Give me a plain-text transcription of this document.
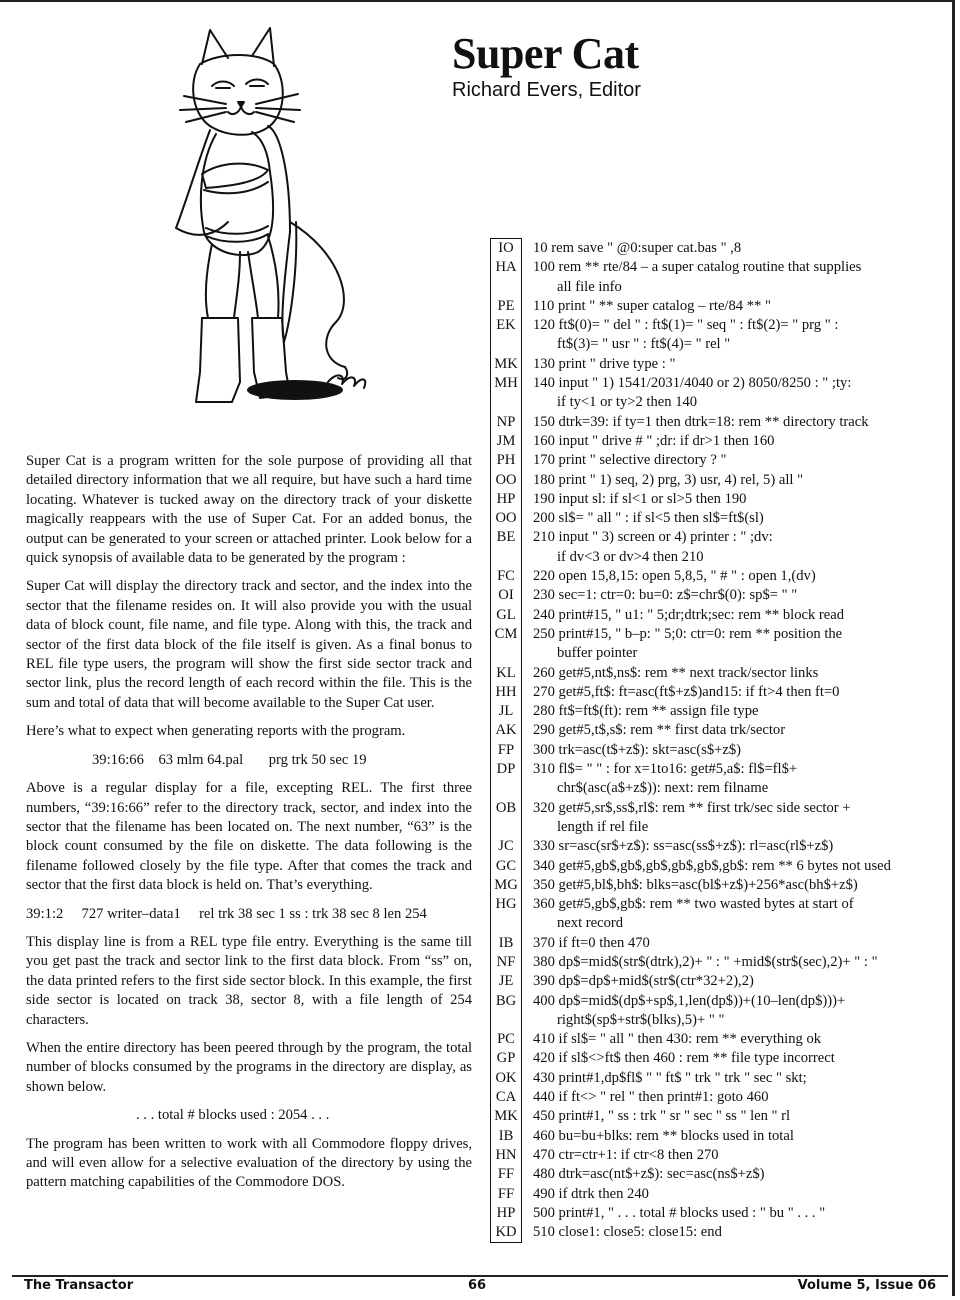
Super Cat
Richard Evers, Editor

Super Cat is a program written for the sole purpose of providing all that detailed directory information that we all require, but have such a hard time locating. Whatever is tucked away on the directory track of your diskette magically reappears with the use of Super Cat. For an added bonus, the output can be generated to your screen or attached printer. Look below for a quick synopsis of available data to be generated by the program :

Super Cat will display the directory track and sector, and the index into the sector that the filename resides on. It will also provide you with the usual data of block count, file name, and file type. Along with this, the track and sector of the first data block of the file itself is given. As a final bonus to REL file type users, the program will show the first side sector track and sector link, plus the record length of each record within the file. This is the sum and total of data that will become available to the Super Cat user.

Here’s what to expect when generating reports with the program.

39:16:66    63 mlm 64.pal       prg trk 50 sec 19

Above is a regular display for a file, excepting REL. The first three numbers, “39:16:66” refer to the directory track, sector, and index into the sector that the filename has been located on. The next number, “63” is the block count consumed by the file on diskette. The data following is the filename followed closely by the file type. After that comes the track and sector that the first data block is held on. That’s everything.

39:1:2     727 writer–data1     rel trk 38 sec 1 ss : trk 38 sec 8 len 254

This display line is from a REL type file entry. Everything is the same till you get past the track and sector link to the first data block. From “ss” on, the data printed refers to the first side sector block. In this example, the first side sector is located on track 38, sector 8, with a file length of 254 characters.

When the entire directory has been peered through by the program, the total number of blocks consumed by the programs in the directory are display, as shown below.

. . . total # blocks used : 2054 . . .

The program has been written to work with all Commodore floppy drives, and will even allow for a selective evaluation of the directory by using the pattern matching capabilities of the Commodore DOS.

IO	10 rem save " @0:super cat.bas " ,8

HA	100 rem ** rte/84 – a super catalog routine that supplies
all file info

PE	110 print " ** super catalog – rte/84 ** "

EK	120 ft$(0)= " del " : ft$(1)= " seq " : ft$(2)= " prg " :
ft$(3)= " usr " : ft$(4)= " rel "

MK	130 print " drive type : "

MH	140 input " 1) 1541/2031/4040 or 2) 8050/8250 : " ;ty:
if ty<1 or ty>2 then 140

NP	150 dtrk=39: if ty=1 then dtrk=18: rem ** directory track

JM	160 input " drive # " ;dr: if dr>1 then 160

PH	170 print " selective directory ? "

OO	180 print " 1) seq, 2) prg, 3) usr, 4) rel, 5) all "

HP	190 input sl: if sl<1 or sl>5 then 190

OO	200 sl$= " all " : if sl<5 then sl$=ft$(sl)

BE	210 input " 3) screen or 4) printer : " ;dv:
if dv<3 or dv>4 then 210

FC	220 open 15,8,15: open 5,8,5, " # " : open 1,(dv)

OI	230 sec=1: ctr=0: bu=0: z$=chr$(0): sp$= " "

GL	240 print#15, " u1: " 5;dr;dtrk;sec: rem ** block read

CM	250 print#15, " b–p: " 5;0: ctr=0: rem ** position the
buffer pointer

KL	260 get#5,nt$,ns$: rem ** next track/sector links

HH	270 get#5,ft$: ft=asc(ft$+z$)and15: if ft>4 then ft=0

JL	280 ft$=ft$(ft): rem ** assign file type

AK	290 get#5,t$,s$: rem ** first data trk/sector

FP	300 trk=asc(t$+z$): skt=asc(s$+z$)

DP	310 fl$= " " : for x=1to16: get#5,a$: fl$=fl$+
chr$(asc(a$+z$)): next: rem filname

OB	320 get#5,sr$,ss$,rl$: rem ** first trk/sec side sector +
length if rel file

JC	330 sr=asc(sr$+z$): ss=asc(ss$+z$): rl=asc(rl$+z$)

GC	340 get#5,gb$,gb$,gb$,gb$,gb$,gb$: rem ** 6 bytes not used

MG	350 get#5,bl$,bh$: blks=asc(bl$+z$)+256*asc(bh$+z$)

HG	360 get#5,gb$,gb$: rem ** two wasted bytes at start of
next record

IB	370 if ft=0 then 470

NF	380 dp$=mid$(str$(dtrk),2)+ " : " +mid$(str$(sec),2)+ " : "

JE	390 dp$=dp$+mid$(str$(ctr*32+2),2)

BG	400 dp$=mid$(dp$+sp$,1,len(dp$))+(10–len(dp$)))+
right$(sp$+str$(blks),5)+ " "

PC	410 if sl$= " all " then 430: rem ** everything ok

GP	420 if sl$<>ft$ then 460 : rem ** file type incorrect

OK	430 print#1,dp$fl$ " " ft$ " trk " trk " sec " skt;

CA	440 if ft<> " rel " then print#1: goto 460

MK	450 print#1, " ss : trk " sr " sec " ss " len " rl

IB	460 bu=bu+blks: rem ** blocks used in total

HN	470 ctr=ctr+1: if ctr<8 then 270

FF	480 dtrk=asc(nt$+z$): sec=asc(ns$+z$)

FF	490 if dtrk then 240

HP	500 print#1, " . . . total # blocks used : " bu " . . . "

KD	510 close1: close5: close15: end
The Transactor	66	Volume 5, Issue 06
